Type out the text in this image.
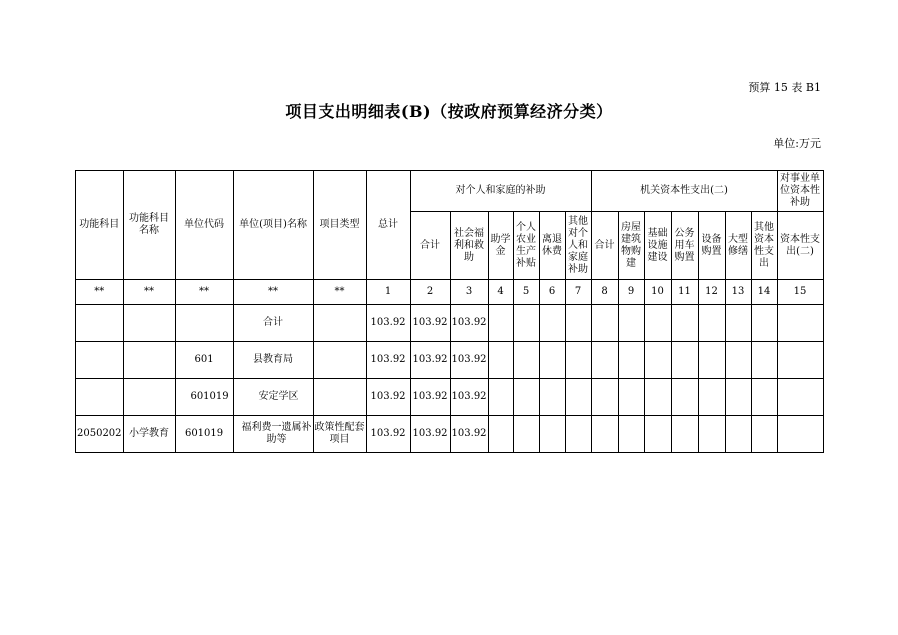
预算 15 表 B1
项目支出明细表(B)（按政府预算经济分类）
单位:万元
功能科目	功能科目名称	单位代码	单位(项目)名称	项目类型	总计	对个人和家庭的补助						机关资本性支出(二)							对事业单位资本性补助
						合计	社会福利和救助	助学金	个人农业生产补贴	离退休费	其他对个人和家庭补助	合计	房屋建筑物购建	基础设施建设	公务用车购置	设备购置	大型修缮	其他资本性支出	资本性支出(二)
**	**	**	**	**	1	2	3	4	5	6	7	8	9	10	11	12	13	14	15
			合计		103.92	103.92	103.92												
		601	县教育局		103.92	103.92	103.92												
		601019	安定学区		103.92	103.92	103.92												
2050202	小学教育	601019	福利费一遗属补助等	政策性配套项目	103.92	103.92	103.92												
